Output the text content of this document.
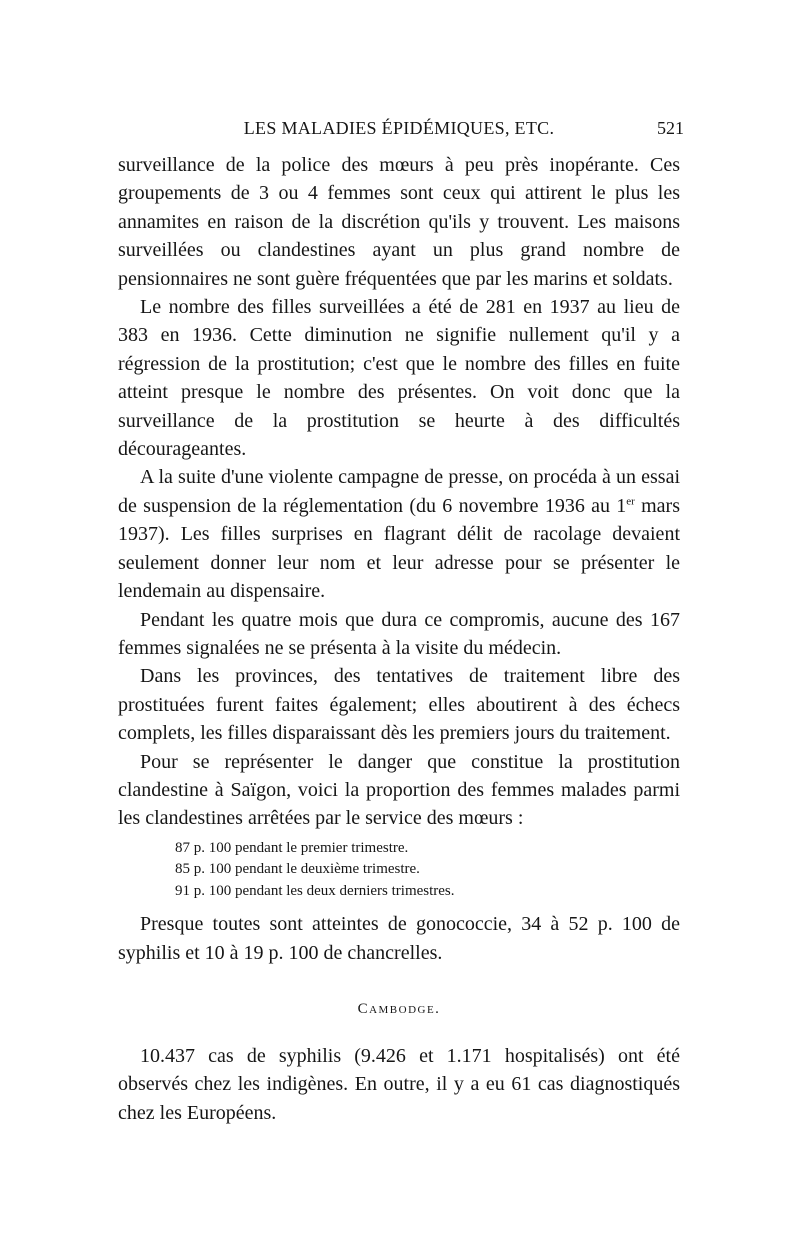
LES MALADIES ÉPIDÉMIQUES, ETC.	521

surveillance de la police des mœurs à peu près inopérante. Ces groupements de 3 ou 4 femmes sont ceux qui attirent le plus les annamites en raison de la discrétion qu'ils y trouvent. Les maisons surveillées ou clandestines ayant un plus grand nombre de pensionnaires ne sont guère fréquentées que par les marins et soldats.

Le nombre des filles surveillées a été de 281 en 1937 au lieu de 383 en 1936. Cette diminution ne signifie nullement qu'il y a régression de la prostitution; c'est que le nombre des filles en fuite atteint presque le nombre des présentes. On voit donc que la surveillance de la prostitution se heurte à des difficultés décourageantes.

A la suite d'une violente campagne de presse, on procéda à un essai de suspension de la réglementation (du 6 novembre 1936 au 1er mars 1937). Les filles surprises en flagrant délit de racolage devaient seulement donner leur nom et leur adresse pour se présenter le lendemain au dispensaire.

Pendant les quatre mois que dura ce compromis, aucune des 167 femmes signalées ne se présenta à la visite du médecin.

Dans les provinces, des tentatives de traitement libre des prostituées furent faites également; elles aboutirent à des échecs complets, les filles disparaissant dès les premiers jours du traitement.

Pour se représenter le danger que constitue la prostitution clandestine à Saïgon, voici la proportion des femmes malades parmi les clandestines arrêtées par le service des mœurs :

87 p. 100 pendant le premier trimestre.
85 p. 100 pendant le deuxième trimestre.
91 p. 100 pendant les deux derniers trimestres.

Presque toutes sont atteintes de gonococcie, 34 à 52 p. 100 de syphilis et 10 à 19 p. 100 de chancrelles.

Cambodge.

10.437 cas de syphilis (9.426 et 1.171 hospitalisés) ont été observés chez les indigènes. En outre, il y a eu 61 cas diagnostiqués chez les Européens.
